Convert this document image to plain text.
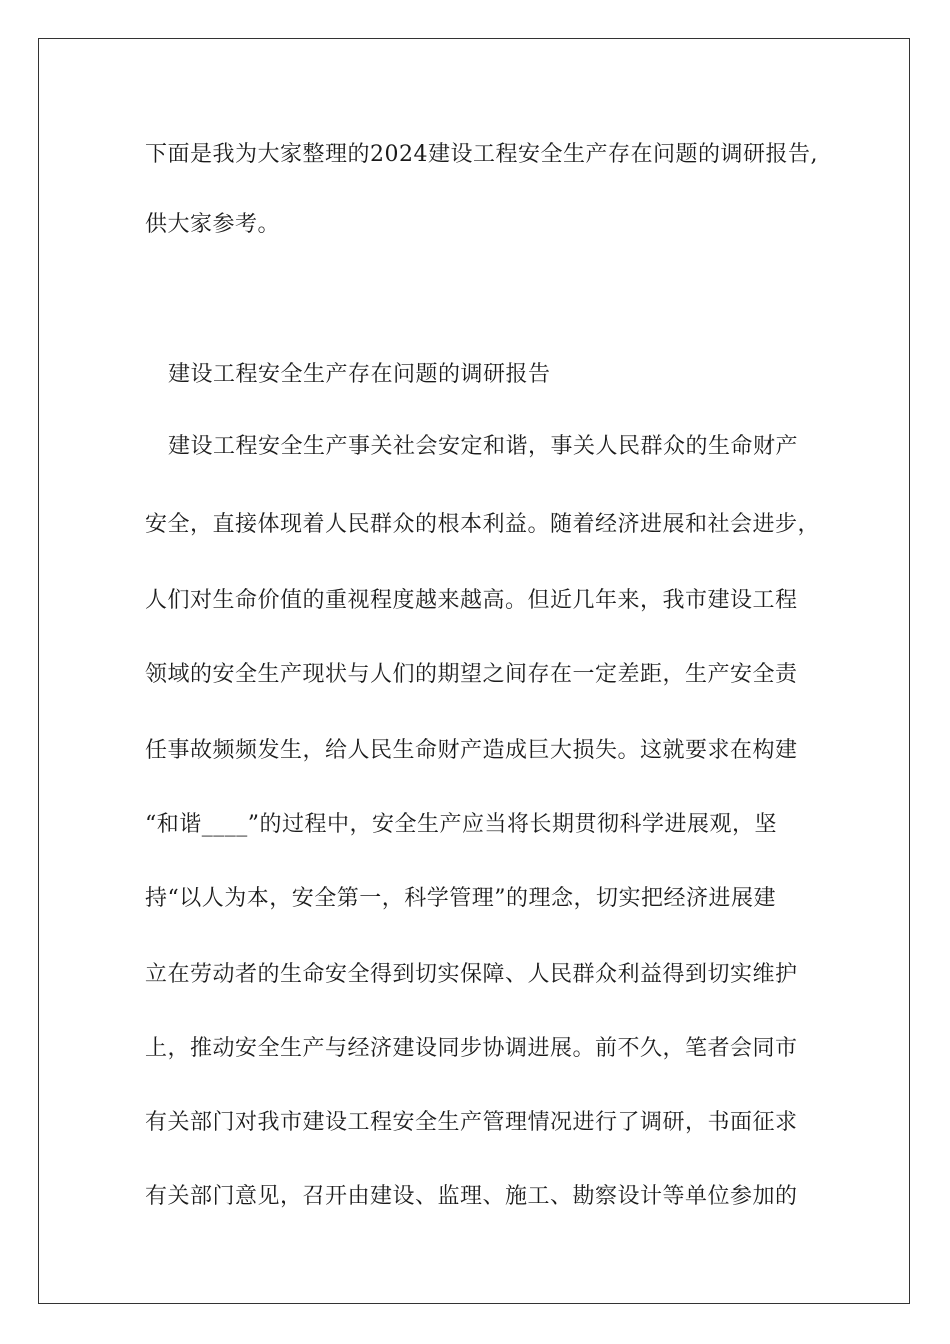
下面是我为大家整理的2024建设工程安全生产存在问题的调研报告,
供大家参考。
建设工程安全生产存在问题的调研报告
建设工程安全生产事关社会安定和谐，事关人民群众的生命财产
安全，直接体现着人民群众的根本利益。随着经济进展和社会进步，
人们对生命价值的重视程度越来越高。但近几年来，我市建设工程
领域的安全生产现状与人们的期望之间存在一定差距，生产安全责
任事故频频发生，给人民生命财产造成巨大损失。这就要求在构建
“和谐____”的过程中，安全生产应当将长期贯彻科学进展观，坚
持“以人为本，安全第一，科学管理”的理念，切实把经济进展建
立在劳动者的生命安全得到切实保障、人民群众利益得到切实维护
上，推动安全生产与经济建设同步协调进展。前不久，笔者会同市
有关部门对我市建设工程安全生产管理情况进行了调研，书面征求
有关部门意见，召开由建设、监理、施工、勘察设计等单位参加的
